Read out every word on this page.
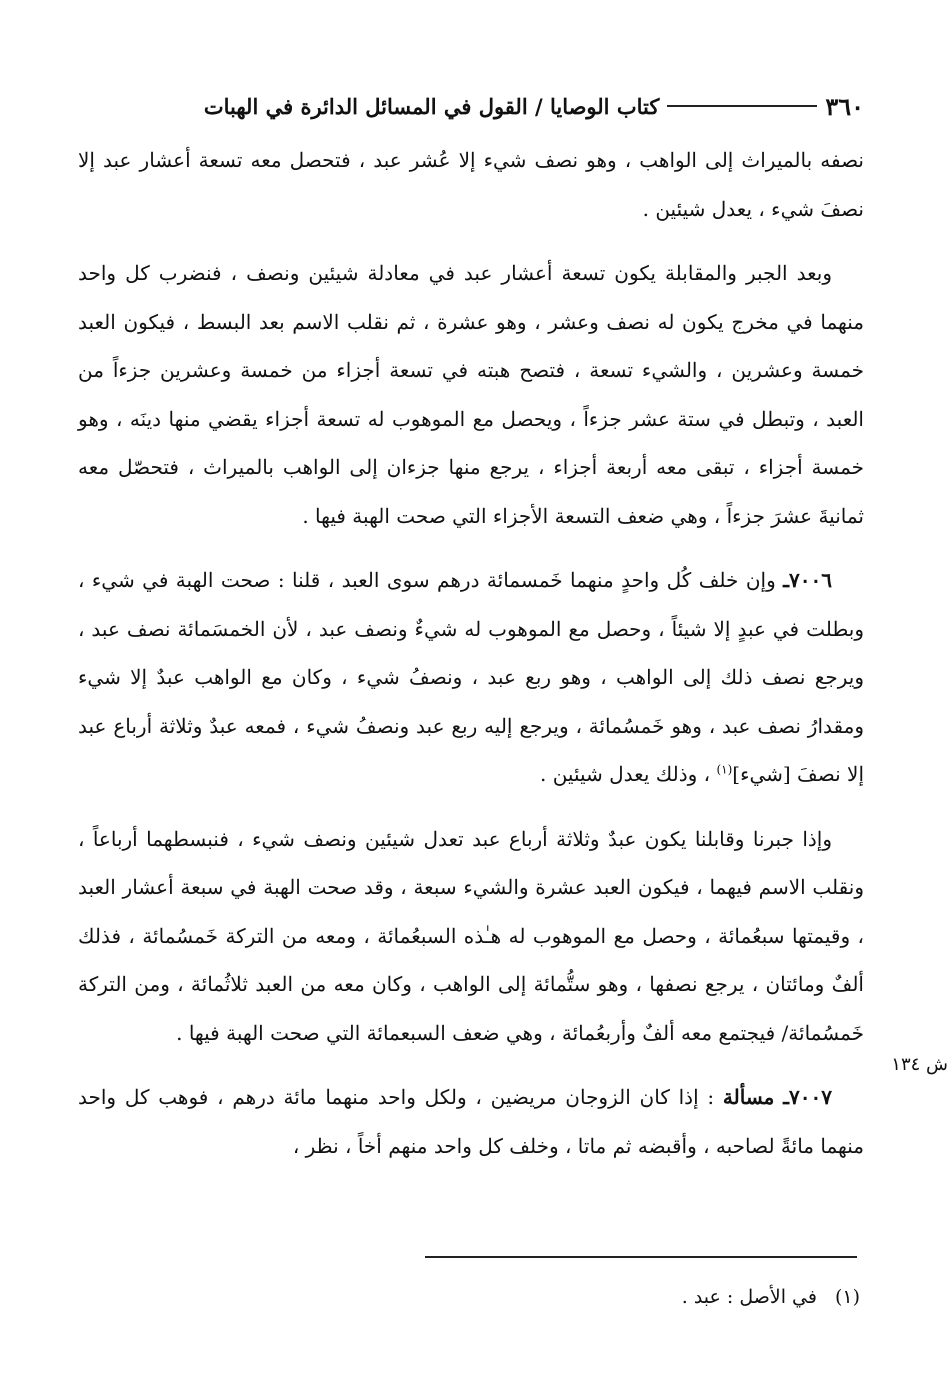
٣٦٠
كتاب الوصايا / القول في المسائل الدائرة في الهبات

نصفه بالميراث إلى الواهب ، وهو نصف شيء إلا عُشر عبد ، فتحصل معه تسعة أعشار عبد إلا نصفَ شيء ، يعدل شيئين .

وبعد الجبر والمقابلة يكون تسعة أعشار عبد في معادلة شيئين ونصف ، فنضرب كل واحد منهما في مخرج يكون له نصف وعشر ، وهو عشرة ، ثم نقلب الاسم بعد البسط ، فيكون العبد خمسة وعشرين ، والشيء تسعة ، فتصح هبته في تسعة أجزاء من خمسة وعشرين جزءاً من العبد ، وتبطل في ستة عشر جزءاً ، ويحصل مع الموهوب له تسعة أجزاء يقضي منها دينَه ، وهو خمسة أجزاء ، تبقى معه أربعة أجزاء ، يرجع منها جزءان إلى الواهب بالميراث ، فتحصّل معه ثمانيةَ عشرَ جزءاً ، وهي ضعف التسعة الأجزاء التي صحت الهبة فيها .

٧٠٠٦ـ وإن خلف كُل واحدٍ منهما خَمسمائة درهم سوى العبد ، قلنا : صحت الهبة في شيء ، وبطلت في عبدٍ إلا شيئاً ، وحصل مع الموهوب له شيءٌ ونصف عبد ، لأن الخمسَمائة نصف عبد ، ويرجع نصف ذلك إلى الواهب ، وهو ربع عبد ، ونصفُ شيء ، وكان مع الواهب عبدٌ إلا شيء ومقدارُ نصف عبد ، وهو خَمسُمائة ، ويرجع إليه ربع عبد ونصفُ شيء ، فمعه عبدٌ وثلاثة أرباع عبد إلا نصفَ [شيء]$^{(١)}$ ، وذلك يعدل شيئين .

وإذا جبرنا وقابلنا يكون عبدٌ وثلاثة أرباع عبد تعدل شيئين ونصف شيء ، فنبسطهما أرباعاً ، ونقلب الاسم فيهما ، فيكون العبد عشرة والشيء سبعة ، وقد صحت الهبة في سبعة أعشار العبد ، وقيمتها سبعُمائة ، وحصل مع الموهوب له هـٰذه السبعُمائة ، ومعه من التركة خَمسُمائة ، فذلك ألفٌ ومائتان ، يرجع نصفها ، وهو ستُّمائة إلى الواهب ، وكان معه من العبد ثلاثُمائة ، ومن التركة خَمسُمائة/ فيجتمع معه ألفٌ وأربعُمائة ، وهي ضعف السبعمائة التي صحت الهبة فيها .

٧٠٠٧ـ مسألة : إذا كان الزوجان مريضين ، ولكل واحد منهما مائة درهم ، فوهب كل واحد منهما مائةً لصاحبه ، وأقبضه ثم ماتا ، وخلف كل واحد منهم أخاً ، نظر ،

ش ١٣٤
(١)في الأصل : عبد .
